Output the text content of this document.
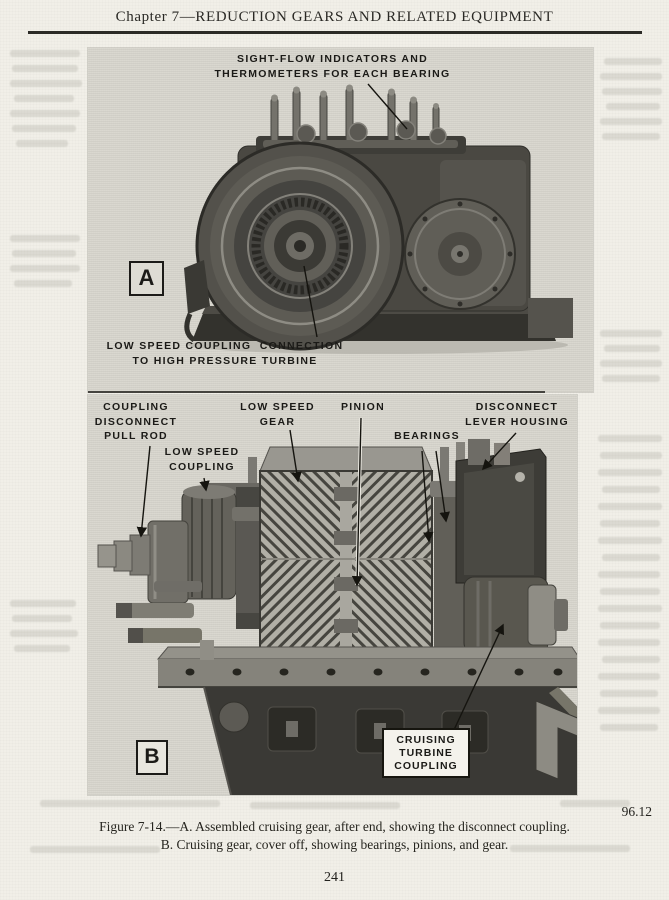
Chapter 7—REDUCTION GEARS AND RELATED EQUIPMENT
SIGHT-FLOW INDICATORS AND
THERMOMETERS FOR EACH BEARING
A
LOW SPEED COUPLING  CONNECTION
TO HIGH PRESSURE TURBINE
COUPLING
DISCONNECT
PULL ROD
LOW SPEED
GEAR
PINION
BEARINGS
DISCONNECT
LEVER HOUSING
LOW SPEED
COUPLING
B
CRUISING
TURBINE
COUPLING
96.12
Figure 7-14.—A. Assembled cruising gear, after end, showing the disconnect coupling.
B. Cruising gear, cover off, showing bearings, pinions, and gear.
241
